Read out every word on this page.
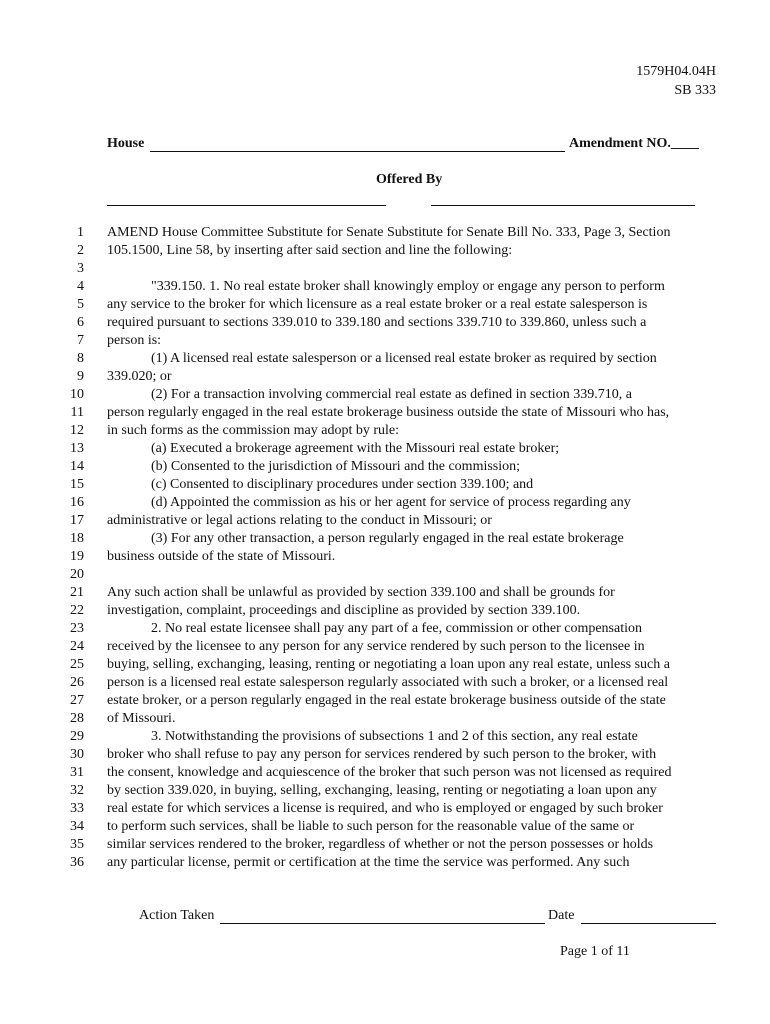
1579H04.04H
SB 333
House	Amendment NO.____
Offered By
1 AMEND House Committee Substitute for Senate Substitute for Senate Bill No. 333, Page 3, Section
2 105.1500, Line 58, by inserting after said section and line the following:
3
4	"339.150. 1. No real estate broker shall knowingly employ or engage any person to perform
5 any service to the broker for which licensure as a real estate broker or a real estate salesperson is
6 required pursuant to sections 339.010 to 339.180 and sections 339.710 to 339.860, unless such a
7 person is:
8	(1) A licensed real estate salesperson or a licensed real estate broker as required by section
9 339.020; or
10	(2) For a transaction involving commercial real estate as defined in section 339.710, a
11 person regularly engaged in the real estate brokerage business outside the state of Missouri who has,
12 in such forms as the commission may adopt by rule:
13	(a) Executed a brokerage agreement with the Missouri real estate broker;
14	(b) Consented to the jurisdiction of Missouri and the commission;
15	(c) Consented to disciplinary procedures under section 339.100; and
16	(d) Appointed the commission as his or her agent for service of process regarding any
17 administrative or legal actions relating to the conduct in Missouri; or
18	(3) For any other transaction, a person regularly engaged in the real estate brokerage
19 business outside of the state of Missouri.
20
21 Any such action shall be unlawful as provided by section 339.100 and shall be grounds for
22 investigation, complaint, proceedings and discipline as provided by section 339.100.
23	2. No real estate licensee shall pay any part of a fee, commission or other compensation
24 received by the licensee to any person for any service rendered by such person to the licensee in
25 buying, selling, exchanging, leasing, renting or negotiating a loan upon any real estate, unless such a
26 person is a licensed real estate salesperson regularly associated with such a broker, or a licensed real
27 estate broker, or a person regularly engaged in the real estate brokerage business outside of the state
28 of Missouri.
29	3. Notwithstanding the provisions of subsections 1 and 2 of this section, any real estate
30 broker who shall refuse to pay any person for services rendered by such person to the broker, with
31 the consent, knowledge and acquiescence of the broker that such person was not licensed as required
32 by section 339.020, in buying, selling, exchanging, leasing, renting or negotiating a loan upon any
33 real estate for which services a license is required, and who is employed or engaged by such broker
34 to perform such services, shall be liable to such person for the reasonable value of the same or
35 similar services rendered to the broker, regardless of whether or not the person possesses or holds
36 any particular license, permit or certification at the time the service was performed. Any such
Action Taken	Date
Page 1 of 11
